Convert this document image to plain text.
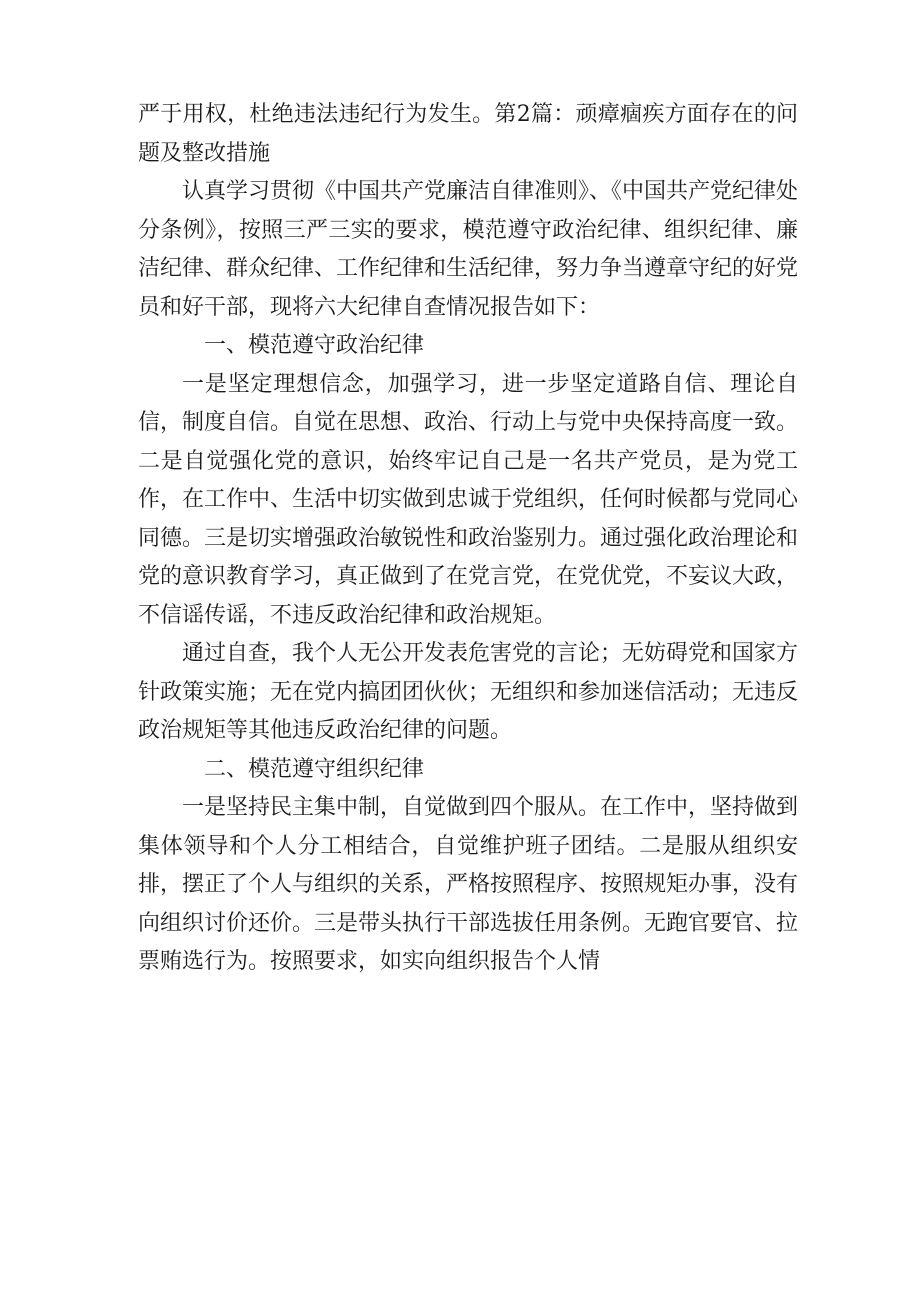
严于用权，杜绝违法违纪行为发生。第2篇：顽瘴痼疾方面存在的问题及整改措施

认真学习贯彻《中国共产党廉洁自律准则》、《中国共产党纪律处分条例》，按照三严三实的要求，模范遵守政治纪律、组织纪律、廉洁纪律、群众纪律、工作纪律和生活纪律，努力争当遵章守纪的好党员和好干部，现将六大纪律自查情况报告如下：

一、模范遵守政治纪律

一是坚定理想信念，加强学习，进一步坚定道路自信、理论自信，制度自信。自觉在思想、政治、行动上与党中央保持高度一致。二是自觉强化党的意识，始终牢记自己是一名共产党员，是为党工作，在工作中、生活中切实做到忠诚于党组织，任何时候都与党同心同德。三是切实增强政治敏锐性和政治鉴别力。通过强化政治理论和党的意识教育学习，真正做到了在党言党，在党优党，不妄议大政，不信谣传谣，不违反政治纪律和政治规矩。

通过自查，我个人无公开发表危害党的言论；无妨碍党和国家方针政策实施；无在党内搞团团伙伙；无组织和参加迷信活动；无违反政治规矩等其他违反政治纪律的问题。

二、模范遵守组织纪律

一是坚持民主集中制，自觉做到四个服从。在工作中，坚持做到集体领导和个人分工相结合，自觉维护班子团结。二是服从组织安排，摆正了个人与组织的关系，严格按照程序、按照规矩办事，没有向组织讨价还价。三是带头执行干部选拔任用条例。无跑官要官、拉票贿选行为。按照要求，如实向组织报告个人情
